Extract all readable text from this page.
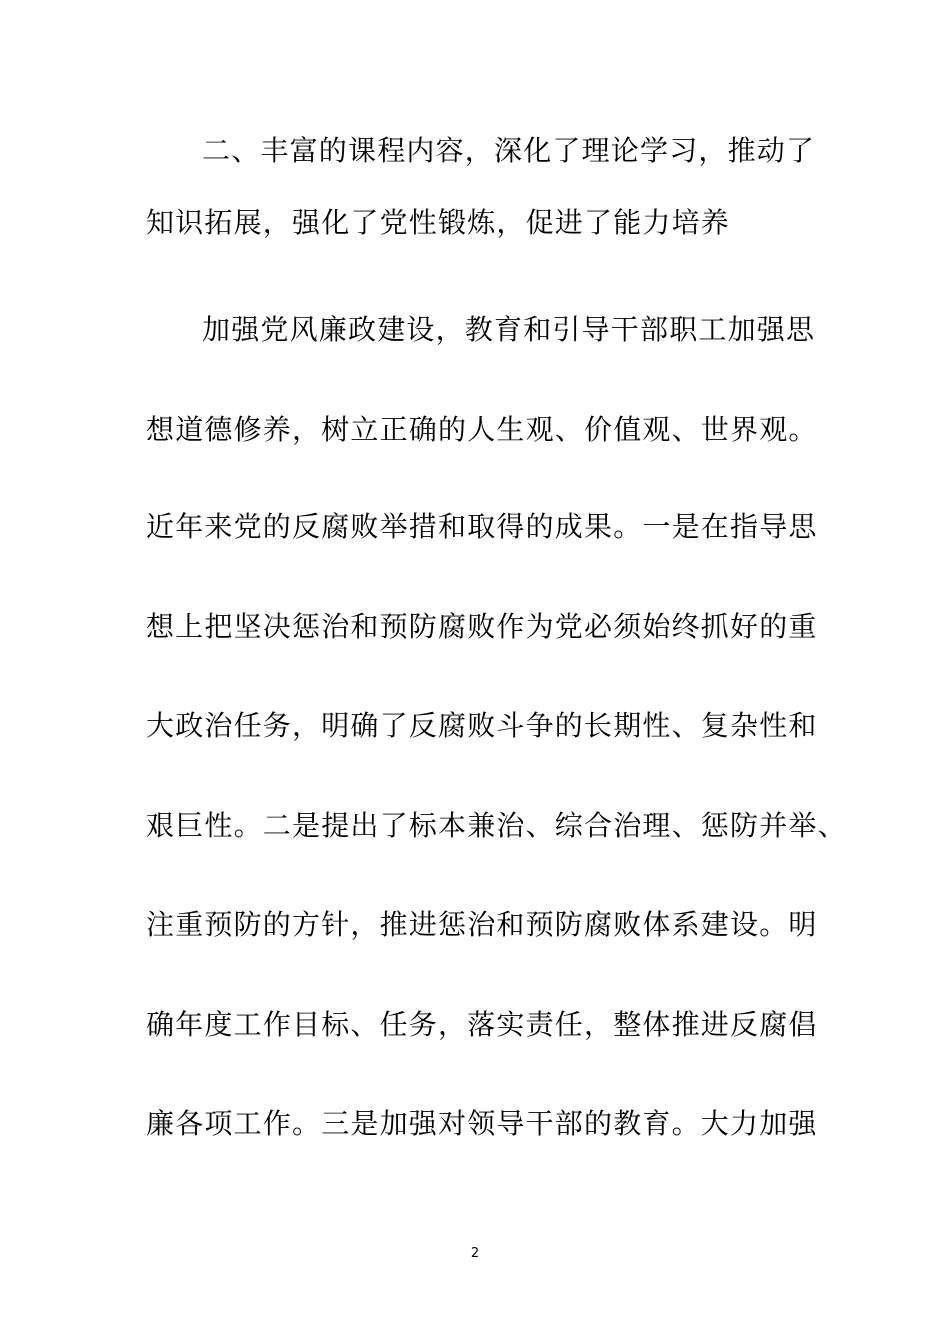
二、丰富的课程内容，深化了理论学习，推动了
知识拓展，强化了党性锻炼，促进了能力培养
加强党风廉政建设，教育和引导干部职工加强思
想道德修养，树立正确的人生观、价值观、世界观。
近年来党的反腐败举措和取得的成果。一是在指导思
想上把坚决惩治和预防腐败作为党必须始终抓好的重
大政治任务，明确了反腐败斗争的长期性、复杂性和
艰巨性。二是提出了标本兼治、综合治理、惩防并举、
注重预防的方针，推进惩治和预防腐败体系建设。明
确年度工作目标、任务，落实责任，整体推进反腐倡
廉各项工作。三是加强对领导干部的教育。大力加强
2
